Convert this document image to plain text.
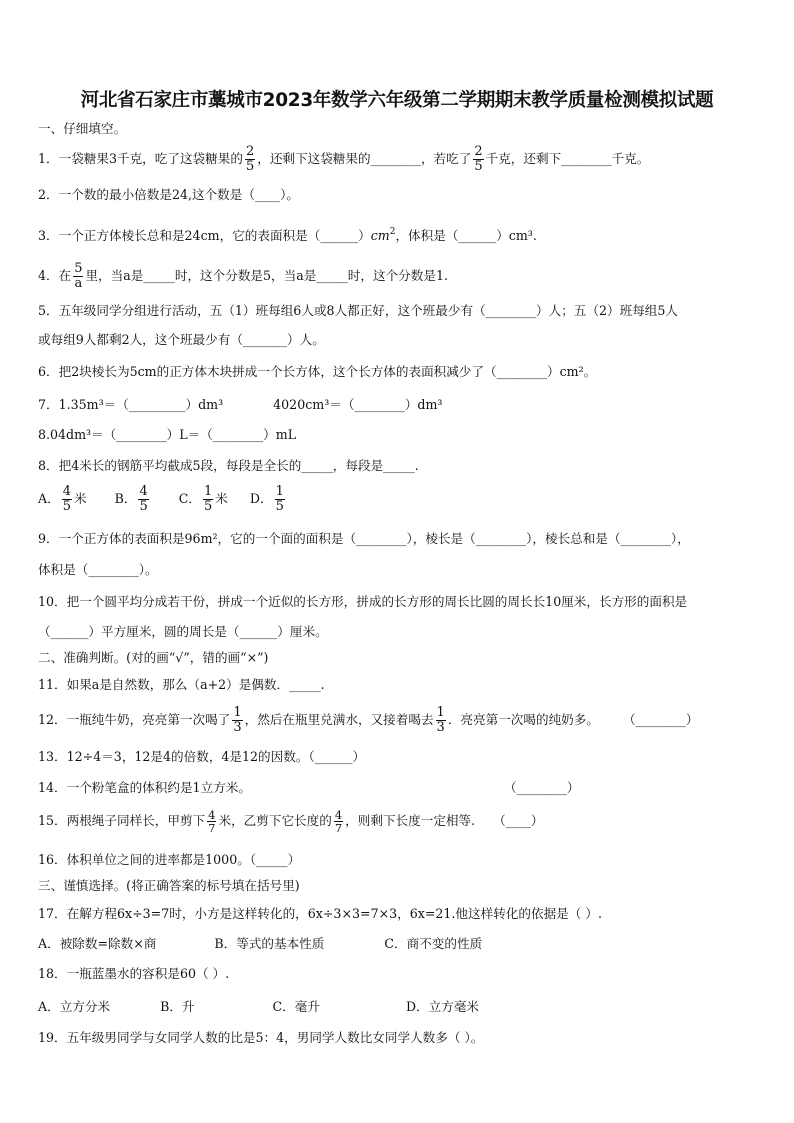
河北省石家庄市藁城市2023年数学六年级第二学期期末教学质量检测模拟试题
一、仔细填空。
1．一袋糖果3千克，吃了这袋糖果的 $\frac{2}{5}$ ，还剩下这袋糖果的________，若吃了 $\frac{2}{5}$ 千克，还剩下________千克。
2．一个数的最小倍数是24,这个数是（____）。
3．一个正方体棱长总和是24cm，它的表面积是$(\_\_\_\_\_\_)cm^2$，体积是（______）cm³.
4．在 $\frac{5}{a}$ 里，当a是_____时，这个分数是5，当a是_____时，这个分数是1.
5．五年级同学分组进行活动，五（1）班每组6人或8人都正好，这个班最少有（________）人；五（2）班每组5人
或每组9人都剩2人，这个班最少有（_______）人。
6．把2块棱长为5cm的正方体木块拼成一个长方体，这个长方体的表面积减少了（________）cm²。
7．1.35m³＝（_________）dm³	4020cm³＝（________）dm³
8.04dm³＝（________）L＝（________）mL
8．把4米长的钢筋平均截成5段，每段是全长的_____，每段是_____.
A． $\frac{4}{5}$ 米 B． $\frac{4}{5}$ C． $\frac{1}{5}$ 米 D． $\frac{1}{5}$
9．一个正方体的表面积是96m²，它的一个面的面积是（________），棱长是（________），棱长总和是（________），
体积是（________）。
10．把一个圆平均分成若干份，拼成一个近似的长方形，拼成的长方形的周长比圆的周长长10厘米，长方形的面积是
（______）平方厘米，圆的周长是（______）厘米。
二、准确判断。(对的画“√”，错的画“×”)
11．如果a是自然数，那么（a+2）是偶数．_____.
12．一瓶纯牛奶，亮亮第一次喝了 $\frac{1}{3}$ ，然后在瓶里兑满水，又接着喝去 $\frac{1}{3}$ ．亮亮第一次喝的纯奶多。 （________）
13．12÷4＝3，12是4的倍数，4是12的因数。（______）
14．一个粉笔盒的体积约是1立方米。	（________）
15．两根绳子同样长，甲剪下 $\frac{4}{7}$ 米，乙剪下它长度的 $\frac{4}{7}$ ，则剩下长度一定相等. （____）
16．体积单位之间的进率都是1000。（_____）
三、谨慎选择。(将正确答案的标号填在括号里)
17．在解方程6x÷3=7时，小方是这样转化的，6x÷3×3=7×3，6x=21.他这样转化的依据是（ ）.
A．被除数=除数×商	B．等式的基本性质	C．商不变的性质
18．一瓶蓝墨水的容积是60（ ）.
A．立方分米	B．升	C．毫升	D．立方毫米
19．五年级男同学与女同学人数的比是5：4，男同学人数比女同学人数多（ ）。
